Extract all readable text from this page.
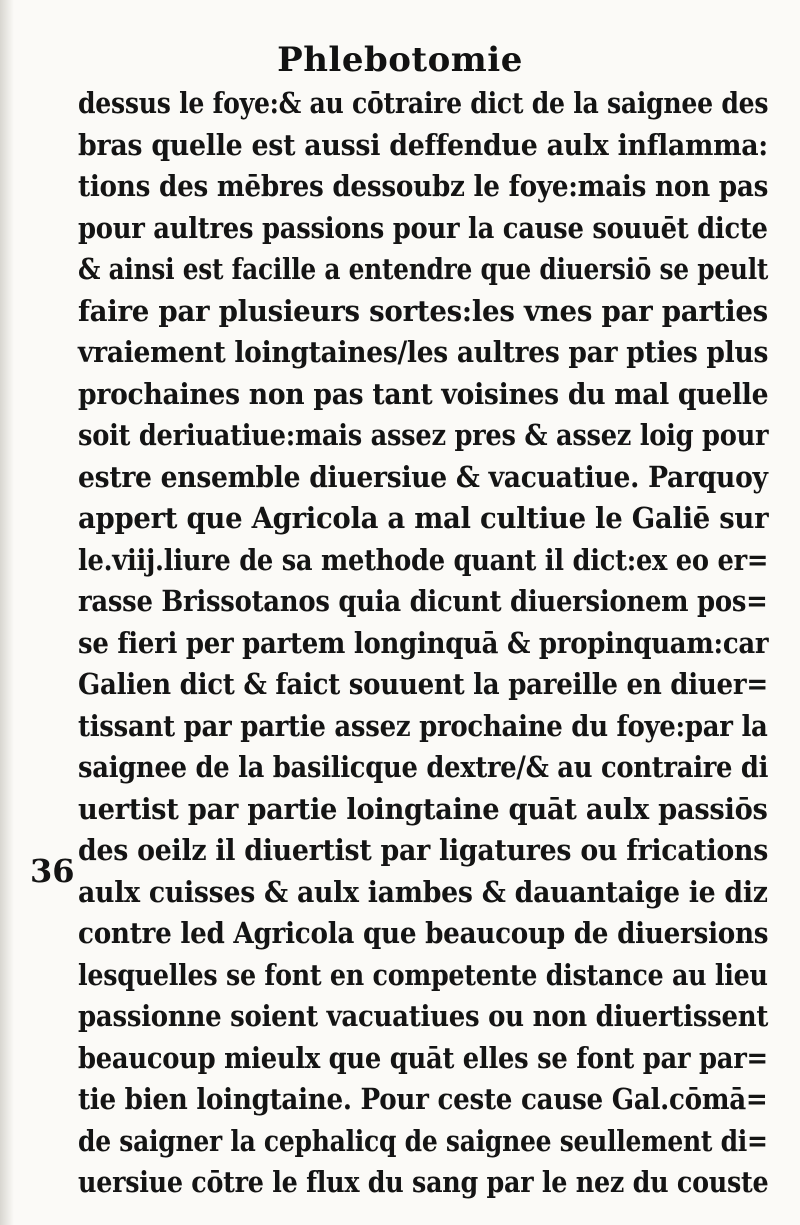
Phlebotomie
36
dessus le foye:& au cōtraire dict de la saignee des
bras quelle est aussi deffendue aulx inflamma:
tions des mēbres dessoubz le foye:mais non pas
pour aultres passions pour la cause souuēt dicte
& ainsi est facille a entendre que diuersiō se peult
faire par plusieurs sortes:les vnes par parties
vraiement loingtaines/les aultres par pties plus
prochaines non pas tant voisines du mal quelle
soit deriuatiue:mais assez pres & assez loig pour
estre ensemble diuersiue & vacuatiue. Parquoy
appert que Agricola a mal cultiue le Galiē sur
le.viij.liure de sa methode quant il dict:ex eo er=
rasse Brissotanos quia dicunt diuersionem pos=
se fieri per partem longinquā & propinquam:car
Galien dict & faict souuent la pareille en diuer=
tissant par partie assez prochaine du foye:par la
saignee de la basilicque dextre/& au contraire di
uertist par partie loingtaine quāt aulx passiōs
des oeilz il diuertist par ligatures ou frications
aulx cuisses & aulx iambes & dauantaige ie diz
contre led Agricola que beaucoup de diuersions
lesquelles se font en competente distance au lieu
passionne soient vacuatiues ou non diuertissent
beaucoup mieulx que quāt elles se font par par=
tie bien loingtaine. Pour ceste cause Gal.cōmā=
de saigner la cephalicq de saignee seullement di=
uersiue cōtre le flux du sang par le nez du couste
